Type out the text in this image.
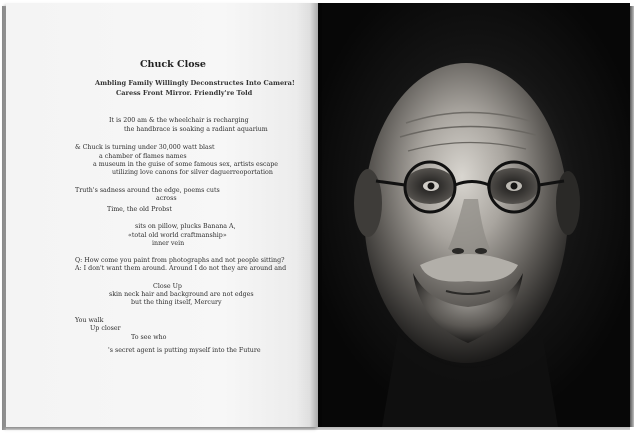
Chuck Close
Ambling Family Willingly Deconstructes Into Camera!
Caress Front Mirror. Friendly're Told
It is 200 am & the wheelchair is recharging
the handbrace is soaking a radiant aquarium
& Chuck is turning under 30,000 watt blast
a chamber of flames names
a museum in the guise of some famous sex, artists escape
utilizing love canons for silver daguerreoportation
Truth's sadness around the edge, poems cuts
across
Time, the old Probst
sits on pillow, plucks Banana A,
«total old world craftmanship»
inner vein
Q: How come you paint from photographs and not people sitting?
A: I don't want them around. Around I do not they are around and
Close Up
skin neck hair and background are not edges
but the thing itself, Mercury
You walk
Up closer
To see who
's secret agent is putting myself into the Future
